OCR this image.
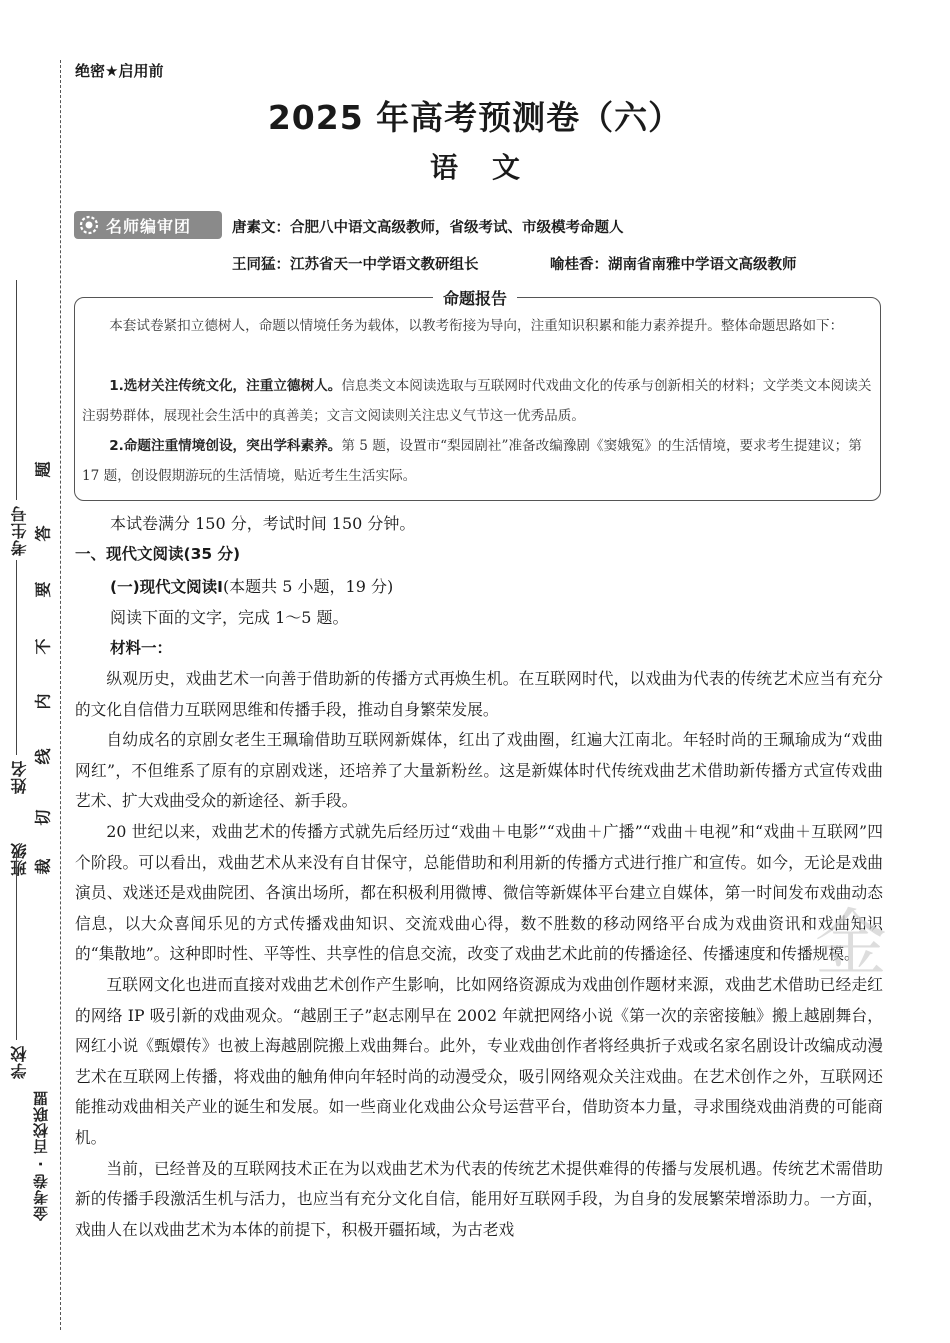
考生号
姓名
班级
学校
金考卷 · 百校联盟
题
答
要
不
内
线
切
裁
绝密★启用前
2025 年高考预测卷（六）
语文
名师编审团	唐素文：合肥八中语文高级教师，省级考试、市级模考命题人
王同猛：江苏省天一中学语文教研组长	喻桂香：湖南省南雅中学语文高级教师
命题报告
本套试卷紧扣立德树人，命题以情境任务为载体，以教考衔接为导向，注重知识积累和能力素养提升。整体命题思路如下：
1.选材关注传统文化，注重立德树人。信息类文本阅读选取与互联网时代戏曲文化的传承与创新相关的材料；文学类文本阅读关注弱势群体，展现社会生活中的真善美；文言文阅读则关注忠义气节这一优秀品质。
2.命题注重情境创设，突出学科素养。第 5 题，设置市“梨园剧社”准备改编豫剧《窦娥冤》的生活情境，要求考生提建议；第 17 题，创设假期游玩的生活情境，贴近考生生活实际。
本试卷满分 150 分，考试时间 150 分钟。
一、现代文阅读(35 分)
(一)现代文阅读Ⅰ(本题共 5 小题，19 分)
阅读下面的文字，完成 1～5 题。
材料一：

纵观历史，戏曲艺术一向善于借助新的传播方式再焕生机。在互联网时代，以戏曲为代表的传统艺术应当有充分的文化自信借力互联网思维和传播手段，推动自身繁荣发展。

自幼成名的京剧女老生王珮瑜借助互联网新媒体，红出了戏曲圈，红遍大江南北。年轻时尚的王珮瑜成为“戏曲网红”，不但维系了原有的京剧戏迷，还培养了大量新粉丝。这是新媒体时代传统戏曲艺术借助新传播方式宣传戏曲艺术、扩大戏曲受众的新途径、新手段。

20 世纪以来，戏曲艺术的传播方式就先后经历过“戏曲＋电影”“戏曲＋广播”“戏曲＋电视”和“戏曲＋互联网”四个阶段。可以看出，戏曲艺术从来没有自甘保守，总能借助和利用新的传播方式进行推广和宣传。如今，无论是戏曲演员、戏迷还是戏曲院团、各演出场所，都在积极利用微博、微信等新媒体平台建立自媒体，第一时间发布戏曲动态信息，以大众喜闻乐见的方式传播戏曲知识、交流戏曲心得，数不胜数的移动网络平台成为戏曲资讯和戏曲知识的“集散地”。这种即时性、平等性、共享性的信息交流，改变了戏曲艺术此前的传播途径、传播速度和传播规模。

互联网文化也进而直接对戏曲艺术创作产生影响，比如网络资源成为戏曲创作题材来源，戏曲艺术借助已经走红的网络 IP 吸引新的戏曲观众。“越剧王子”赵志刚早在 2002 年就把网络小说《第一次的亲密接触》搬上越剧舞台，网红小说《甄嬛传》也被上海越剧院搬上戏曲舞台。此外，专业戏曲创作者将经典折子戏或名家名剧设计改编成动漫艺术在互联网上传播，将戏曲的触角伸向年轻时尚的动漫受众，吸引网络观众关注戏曲。在艺术创作之外，互联网还能推动戏曲相关产业的诞生和发展。如一些商业化戏曲公众号运营平台，借助资本力量，寻求围绕戏曲消费的可能商机。

当前，已经普及的互联网技术正在为以戏曲艺术为代表的传统艺术提供难得的传播与发展机遇。传统艺术需借助新的传播手段激活生机与活力，也应当有充分文化自信，能用好互联网手段，为自身的发展繁荣增添助力。一方面，戏曲人在以戏曲艺术为本体的前提下，积极开疆拓域，为古老戏

金
